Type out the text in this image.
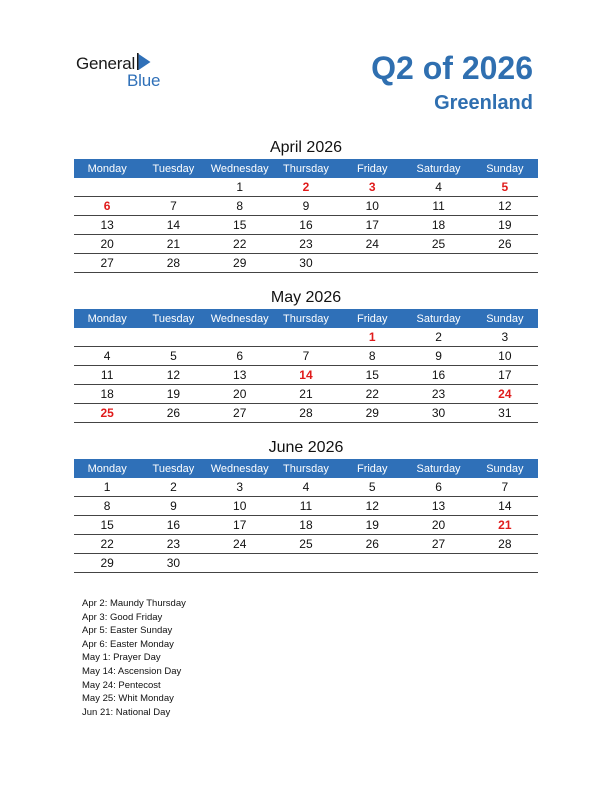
General
Blue	Q2 of 2026
Greenland
April 2026
Monday	Tuesday	Wednesday	Thursday	Friday	Saturday	Sunday
		1	2	3	4	5
6	7	8	9	10	11	12
13	14	15	16	17	18	19
20	21	22	23	24	25	26
27	28	29	30			
May 2026
Monday	Tuesday	Wednesday	Thursday	Friday	Saturday	Sunday
				1	2	3
4	5	6	7	8	9	10
11	12	13	14	15	16	17
18	19	20	21	22	23	24
25	26	27	28	29	30	31
June 2026
Monday	Tuesday	Wednesday	Thursday	Friday	Saturday	Sunday
1	2	3	4	5	6	7
8	9	10	11	12	13	14
15	16	17	18	19	20	21
22	23	24	25	26	27	28
29	30					
Apr 2: Maundy Thursday
Apr 3: Good Friday
Apr 5: Easter Sunday
Apr 6: Easter Monday
May 1: Prayer Day
May 14: Ascension Day
May 24: Pentecost
May 25: Whit Monday
Jun 21: National Day
